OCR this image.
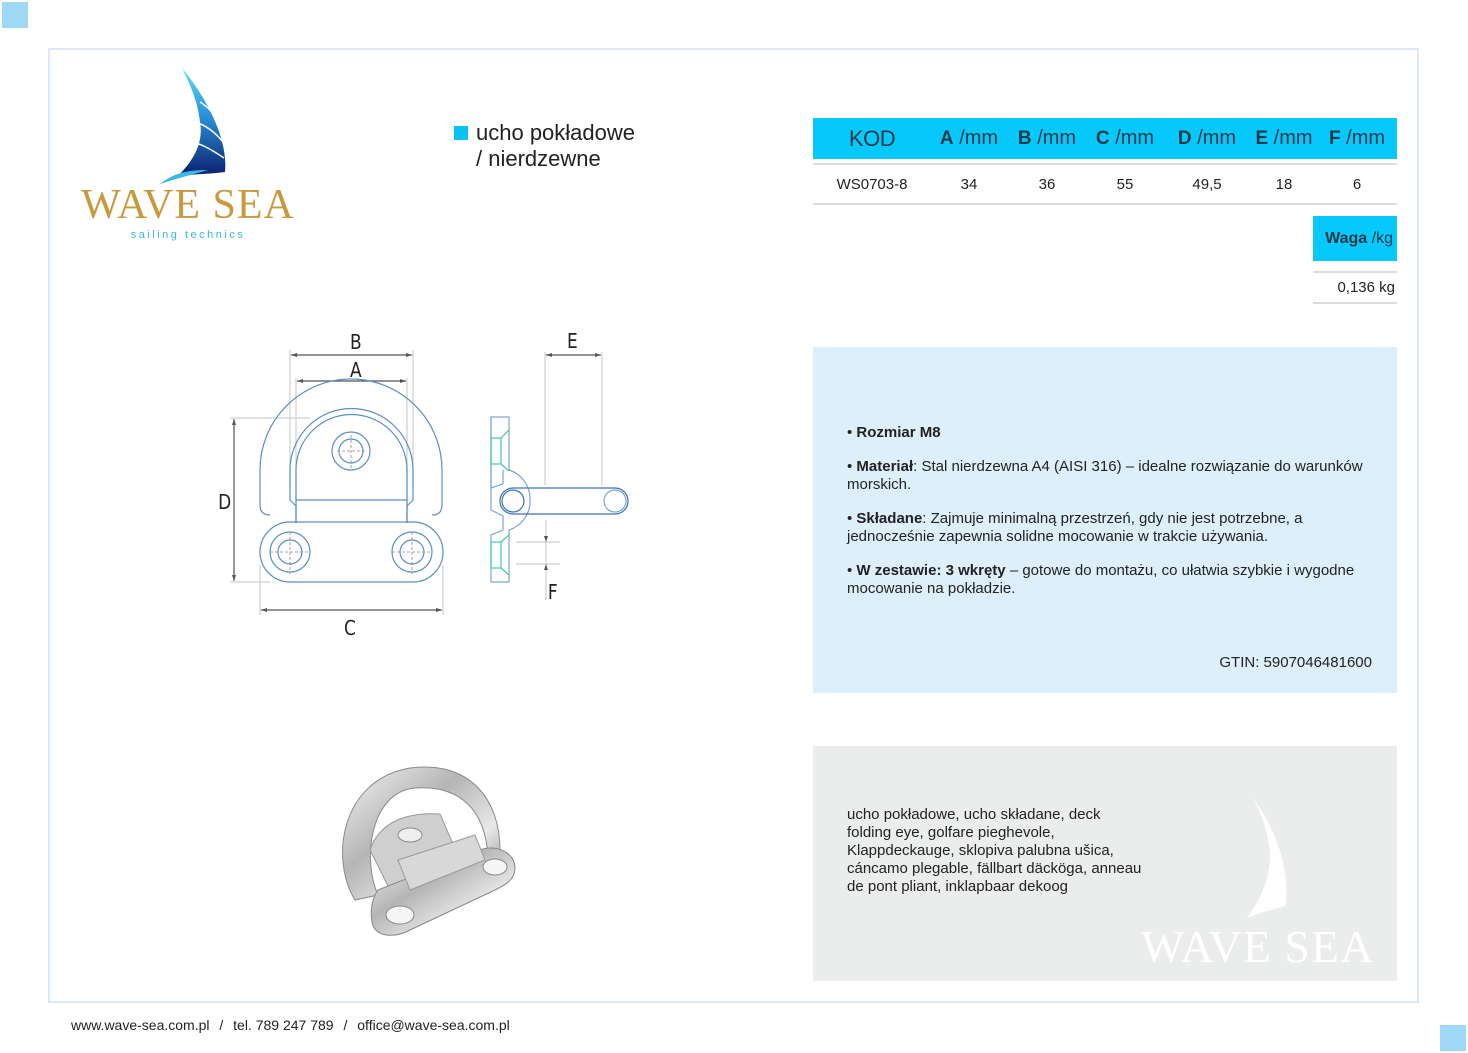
WAVE SEA
sailing technics
ucho pokładowe
/ nierdzewne
KOD	A /mm	B /mm	C /mm	D /mm	E /mm	F /mm

WS0703-8	34	36	55	49,5	18	6
Waga /kg

0,136 kg
B
A
D
C
E
F

• Rozmiar M8

• Materiał: Stal nierdzewna A4 (AISI 316) – idealne rozwiązanie do warunków morskich.

• Składane: Zajmuje minimalną przestrzeń, gdy nie jest potrzebne, a jednocześnie zapewnia solidne mocowanie w trakcie używania.

• W zestawie: 3 wkręty – gotowe do montażu, co ułatwia szybkie i wygodne mocowanie na pokładzie.

GTIN: 5907046481600
ucho pokładowe, ucho składane, deck folding eye, golfare pieghevole, Klappdeckauge, sklopiva palubna ušica, cáncamo plegable, fällbart däcköga, anneau de pont pliant, inklapbaar dekoog
WAVE SEA
www.wave-sea.com.pl / tel. 789 247 789 / office@wave-sea.com.pl
